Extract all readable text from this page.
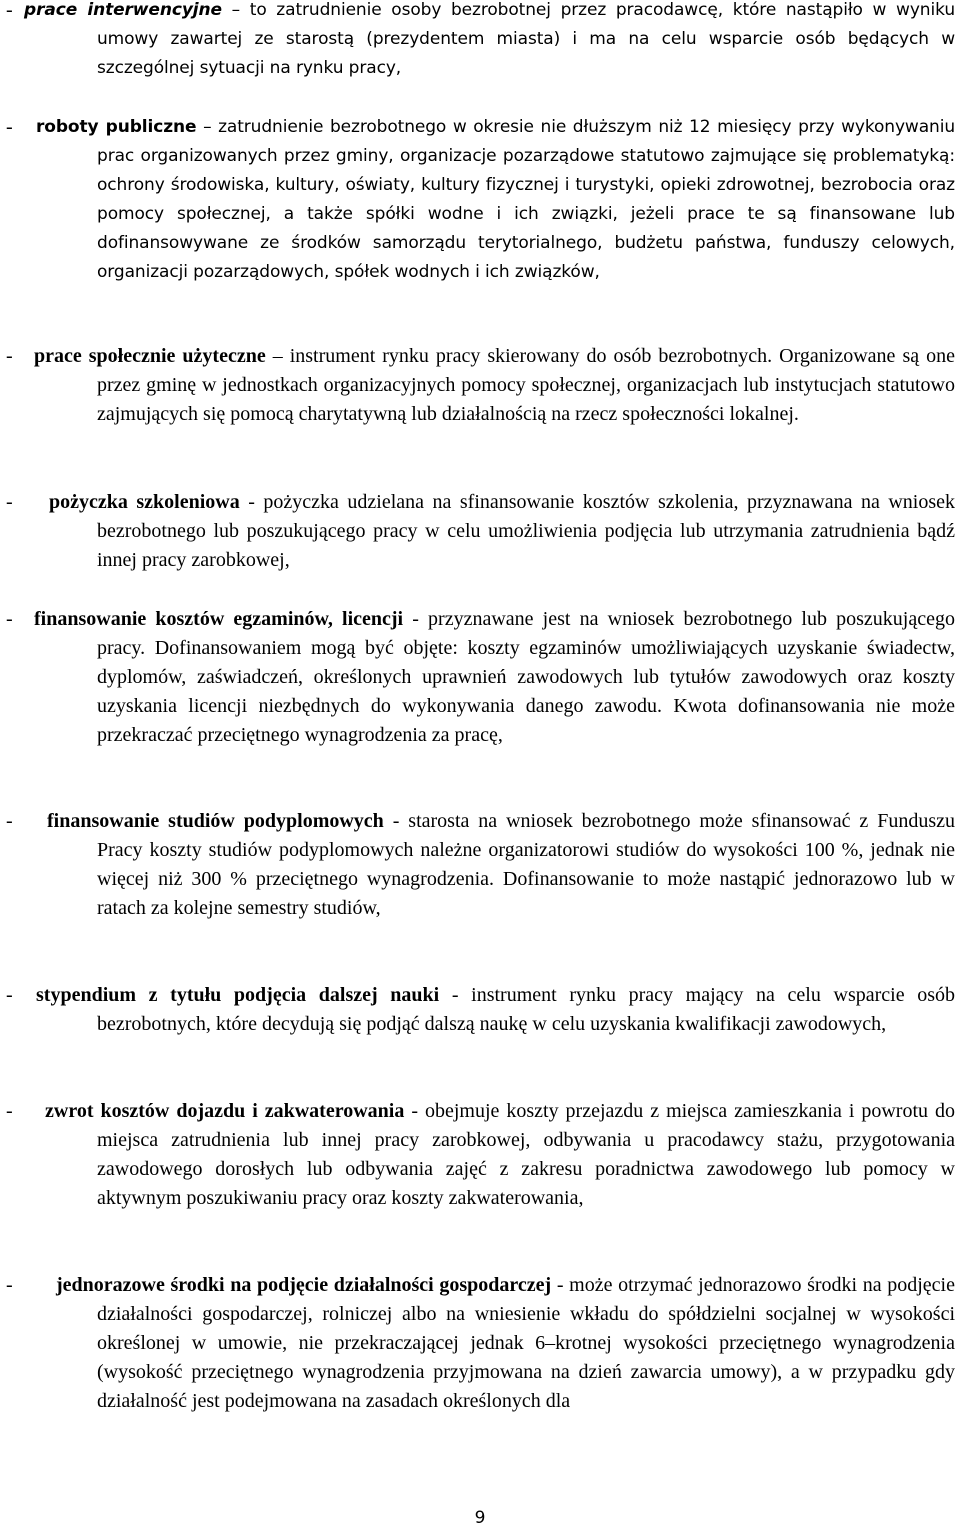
- prace interwencyjne – to zatrudnienie osoby bezrobotnej przez pracodawcę, które nastąpiło w wyniku umowy zawartej ze starostą (prezydentem miasta) i ma na celu wsparcie osób będących w szczególnej sytuacji na rynku pracy,
- roboty publiczne – zatrudnienie bezrobotnego w okresie nie dłuższym niż 12 miesięcy przy wykonywaniu prac organizowanych przez gminy, organizacje pozarządowe statutowo zajmujące się problematyką: ochrony środowiska, kultury, oświaty, kultury fizycznej i turystyki, opieki zdrowotnej, bezrobocia oraz pomocy społecznej, a także spółki wodne i ich związki, jeżeli prace te są finansowane lub dofinansowywane ze środków samorządu terytorialnego, budżetu państwa, funduszy celowych, organizacji pozarządowych, spółek wodnych i ich związków,
- prace społecznie użyteczne – instrument rynku pracy skierowany do osób bezrobotnych. Organizowane są one przez gminę w jednostkach organizacyjnych pomocy społecznej, organizacjach lub instytucjach statutowo zajmujących się pomocą charytatywną lub działalnością na rzecz społeczności lokalnej.
- pożyczka szkoleniowa - pożyczka udzielana na sfinansowanie kosztów szkolenia, przyznawana na wniosek bezrobotnego lub poszukującego pracy w celu umożliwienia podjęcia lub utrzymania zatrudnienia bądź innej pracy zarobkowej,
- finansowanie kosztów egzaminów, licencji - przyznawane jest na wniosek bezrobotnego lub poszukującego pracy. Dofinansowaniem mogą być objęte: koszty egzaminów umożliwiających uzyskanie świadectw, dyplomów, zaświadczeń, określonych uprawnień zawodowych lub tytułów zawodowych oraz koszty uzyskania licencji niezbędnych do wykonywania danego zawodu. Kwota dofinansowania nie może przekraczać przeciętnego wynagrodzenia za pracę,
- finansowanie studiów podyplomowych - starosta na wniosek bezrobotnego może sfinansować z Funduszu Pracy koszty studiów podyplomowych należne organizatorowi studiów do wysokości 100 %, jednak nie więcej niż 300 % przeciętnego wynagrodzenia. Dofinansowanie to może nastąpić jednorazowo lub w ratach za kolejne semestry studiów,
- stypendium z tytułu podjęcia dalszej nauki - instrument rynku pracy mający na celu wsparcie osób bezrobotnych, które decydują się podjąć dalszą naukę w celu uzyskania kwalifikacji zawodowych,
- zwrot kosztów dojazdu i zakwaterowania - obejmuje koszty przejazdu z miejsca zamieszkania i powrotu do miejsca zatrudnienia lub innej pracy zarobkowej, odbywania u pracodawcy stażu, przygotowania zawodowego dorosłych lub odbywania zajęć z zakresu poradnictwa zawodowego lub pomocy w aktywnym poszukiwaniu pracy oraz koszty zakwaterowania,
- jednorazowe środki na podjęcie działalności gospodarczej - może otrzymać jednorazowo środki na podjęcie działalności gospodarczej, rolniczej albo na wniesienie wkładu do spółdzielni socjalnej w wysokości określonej w umowie, nie przekraczającej jednak 6–krotnej wysokości przeciętnego wynagrodzenia (wysokość przeciętnego wynagrodzenia przyjmowana na dzień zawarcia umowy), a w przypadku gdy działalność jest podejmowana na zasadach określonych dla
9
